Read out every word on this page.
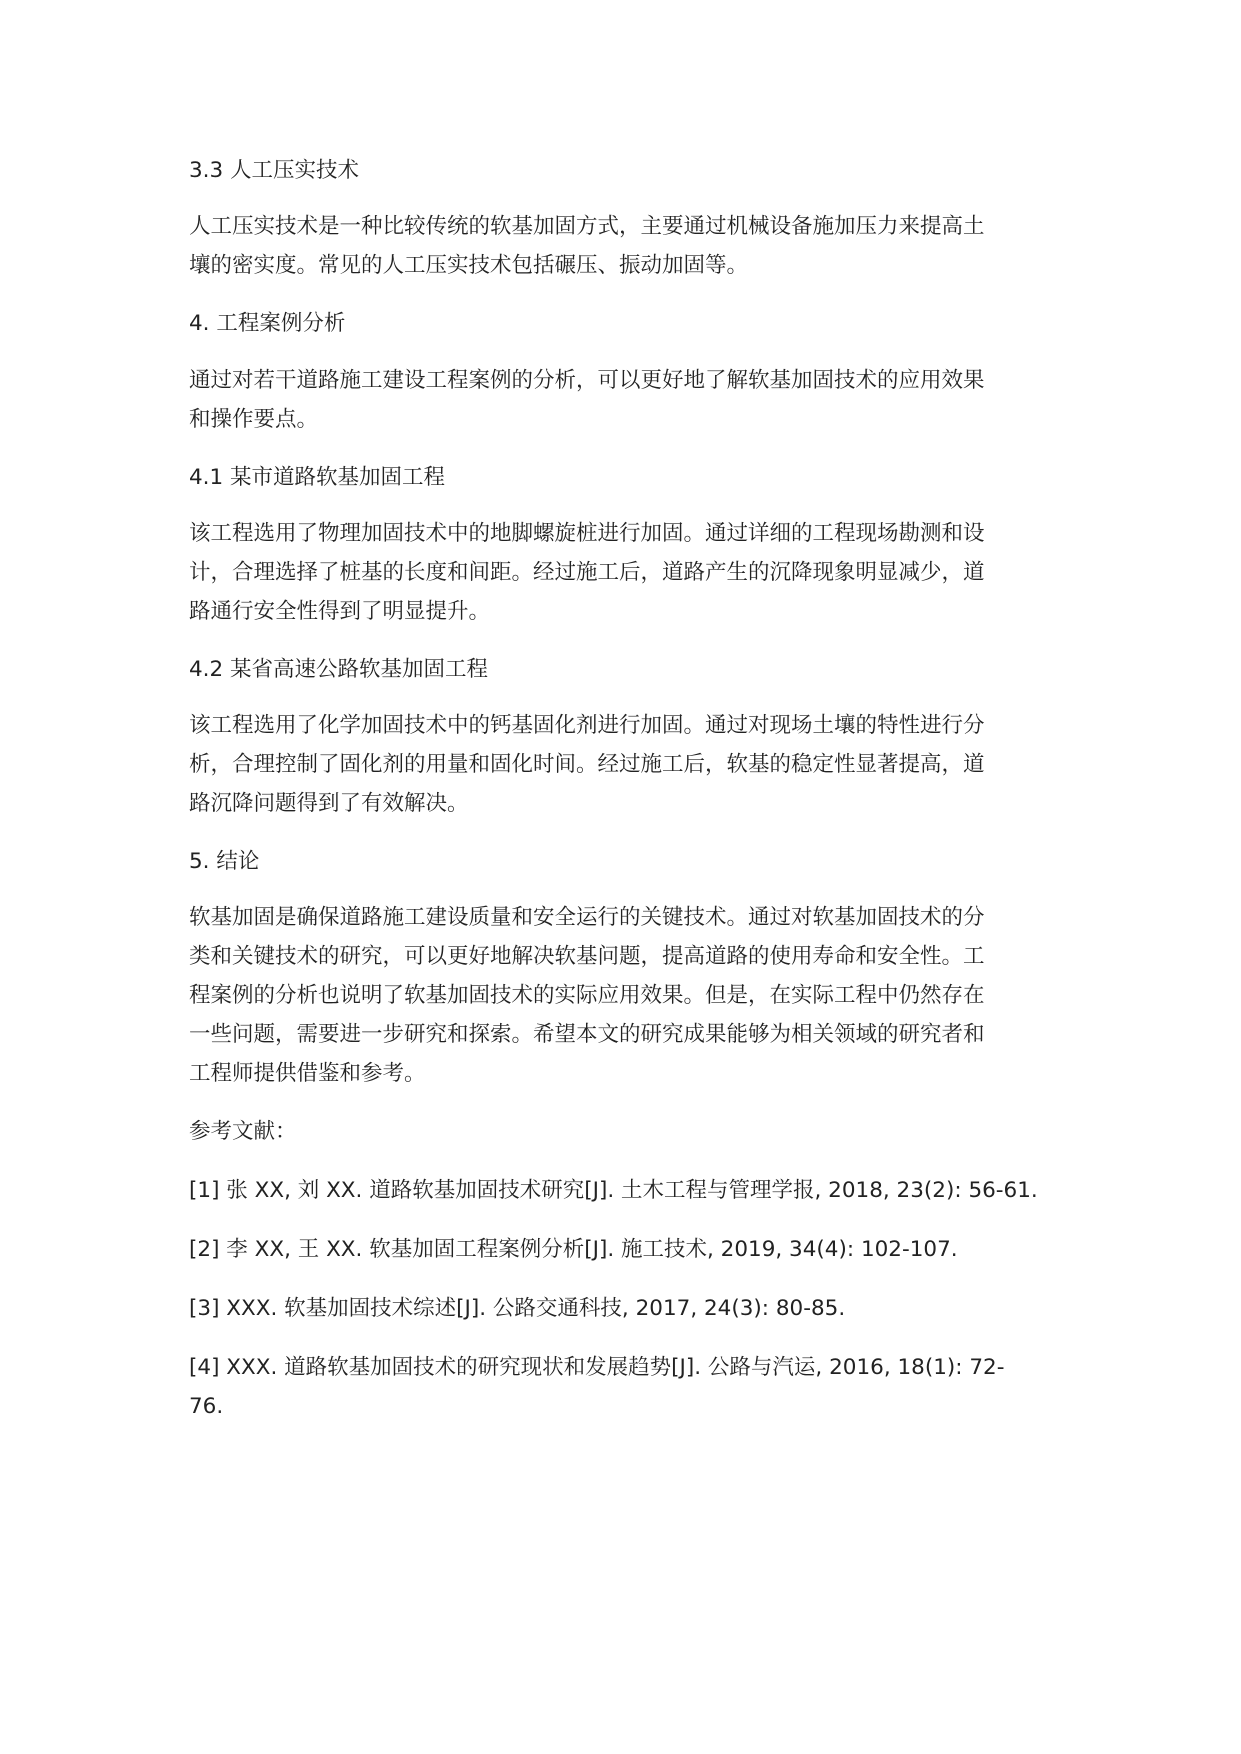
3.3 人工压实技术
人工压实技术是一种比较传统的软基加固方式，主要通过机械设备施加压力来提高土
壤的密实度。常见的人工压实技术包括碾压、振动加固等。
4. 工程案例分析
通过对若干道路施工建设工程案例的分析，可以更好地了解软基加固技术的应用效果
和操作要点。
4.1 某市道路软基加固工程
该工程选用了物理加固技术中的地脚螺旋桩进行加固。通过详细的工程现场勘测和设
计，合理选择了桩基的长度和间距。经过施工后，道路产生的沉降现象明显减少，道
路通行安全性得到了明显提升。
4.2 某省高速公路软基加固工程
该工程选用了化学加固技术中的钙基固化剂进行加固。通过对现场土壤的特性进行分
析，合理控制了固化剂的用量和固化时间。经过施工后，软基的稳定性显著提高，道
路沉降问题得到了有效解决。
5. 结论
软基加固是确保道路施工建设质量和安全运行的关键技术。通过对软基加固技术的分
类和关键技术的研究，可以更好地解决软基问题，提高道路的使用寿命和安全性。工
程案例的分析也说明了软基加固技术的实际应用效果。但是，在实际工程中仍然存在
一些问题，需要进一步研究和探索。希望本文的研究成果能够为相关领域的研究者和
工程师提供借鉴和参考。
参考文献：
[1] 张 XX, 刘 XX. 道路软基加固技术研究[J]. 土木工程与管理学报, 2018, 23(2): 56-61.
[2] 李 XX, 王 XX. 软基加固工程案例分析[J]. 施工技术, 2019, 34(4): 102-107.
[3] XXX. 软基加固技术综述[J]. 公路交通科技, 2017, 24(3): 80-85.
[4] XXX. 道路软基加固技术的研究现状和发展趋势[J]. 公路与汽运, 2016, 18(1): 72-
76.
